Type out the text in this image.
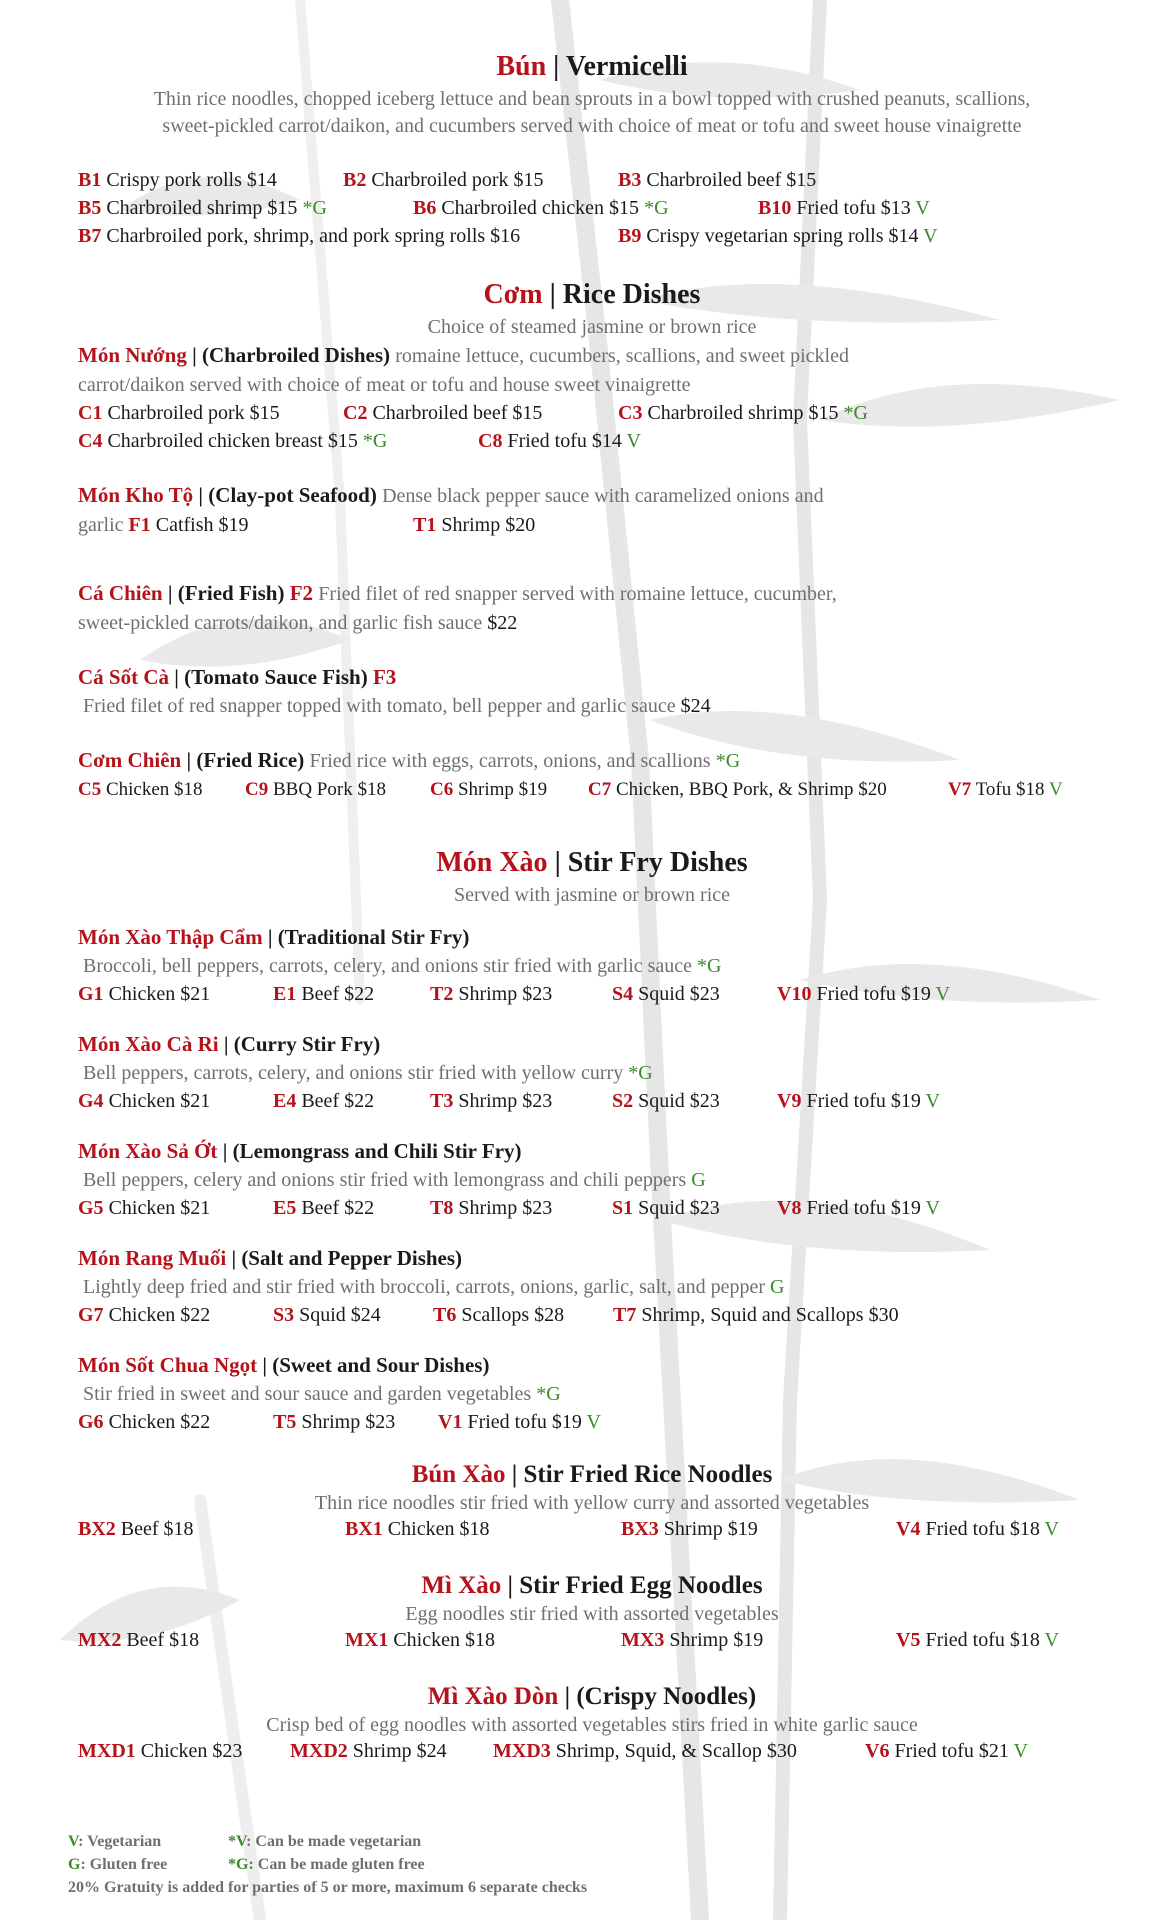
Bún | Vermicelli

Thin rice noodles, chopped iceberg lettuce and bean sprouts in a bowl topped with crushed peanuts, scallions,

sweet-pickled carrot/daikon, and cucumbers served with choice of meat or tofu and sweet house vinaigrette

B1 Crispy pork rolls $14	B2 Charbroiled pork $15	B3 Charbroiled beef $15
B5 Charbroiled shrimp $15 *G	B6 Charbroiled chicken $15 *G	B10 Fried tofu $13 V
B7 Charbroiled pork, shrimp, and pork spring rolls $16	B9 Crispy vegetarian spring rolls $14 V
Cơm | Rice Dishes

Choice of steamed jasmine or brown rice

Món Nướng | (Charbroiled Dishes) romaine lettuce, cucumbers, scallions, and sweet pickled

carrot/daikon served with choice of meat or tofu and house sweet vinaigrette

C1 Charbroiled pork $15	C2 Charbroiled beef $15	C3 Charbroiled shrimp $15 *G
C4 Charbroiled chicken breast $15 *G	C8 Fried tofu $14 V

Món Kho Tộ | (Clay-pot Seafood) Dense black pepper sauce with caramelized onions and

garlic F1 Catfish $19	T1 Shrimp $20

Cá Chiên | (Fried Fish) F2 Fried filet of red snapper served with romaine lettuce, cucumber,

sweet-pickled carrots/daikon, and garlic fish sauce $22

Cá Sốt Cà | (Tomato Sauce Fish) F3

Fried filet of red snapper topped with tomato, bell pepper and garlic sauce $24

Cơm Chiên | (Fried Rice) Fried rice with eggs, carrots, onions, and scallions *G

C5 Chicken $18	C9 BBQ Pork $18	C6 Shrimp $19	C7 Chicken, BBQ Pork, & Shrimp $20	V7 Tofu $18 V
Món Xào | Stir Fry Dishes

Served with jasmine or brown rice

Món Xào Thập Cẩm | (Traditional Stir Fry)

Broccoli, bell peppers, carrots, celery, and onions stir fried with garlic sauce *G

G1 Chicken $21	E1 Beef $22	T2 Shrimp $23	S4 Squid $23	V10 Fried tofu $19 V

Món Xào Cà Ri | (Curry Stir Fry)

Bell peppers, carrots, celery, and onions stir fried with yellow curry *G

G4 Chicken $21	E4 Beef $22	T3 Shrimp $23	S2 Squid $23	V9 Fried tofu $19 V

Món Xào Sả Ớt | (Lemongrass and Chili Stir Fry)

Bell peppers, celery and onions stir fried with lemongrass and chili peppers G

G5 Chicken $21	E5 Beef $22	T8 Shrimp $23	S1 Squid $23	V8 Fried tofu $19 V

Món Rang Muối | (Salt and Pepper Dishes)

Lightly deep fried and stir fried with broccoli, carrots, onions, garlic, salt, and pepper G

G7 Chicken $22	S3 Squid $24	T6 Scallops $28	T7 Shrimp, Squid and Scallops $30

Món Sốt Chua Ngọt | (Sweet and Sour Dishes)

Stir fried in sweet and sour sauce and garden vegetables *G

G6 Chicken $22	T5 Shrimp $23	V1 Fried tofu $19 V
Bún Xào | Stir Fried Rice Noodles

Thin rice noodles stir fried with yellow curry and assorted vegetables

BX2 Beef $18	BX1 Chicken $18	BX3 Shrimp $19	V4 Fried tofu $18 V
Mì Xào | Stir Fried Egg Noodles

Egg noodles stir fried with assorted vegetables

MX2 Beef $18	MX1 Chicken $18	MX3 Shrimp $19	V5 Fried tofu $18 V
Mì Xào Dòn | (Crispy Noodles)

Crisp bed of egg noodles with assorted vegetables stirs fried in white garlic sauce

MXD1 Chicken $23	MXD2 Shrimp $24	MXD3 Shrimp, Squid, & Scallop $30	V6 Fried tofu $21 V
V: Vegetarian	*V: Can be made vegetarian
G: Gluten free	*G: Can be made gluten free
20% Gratuity is added for parties of 5 or more, maximum 6 separate checks
